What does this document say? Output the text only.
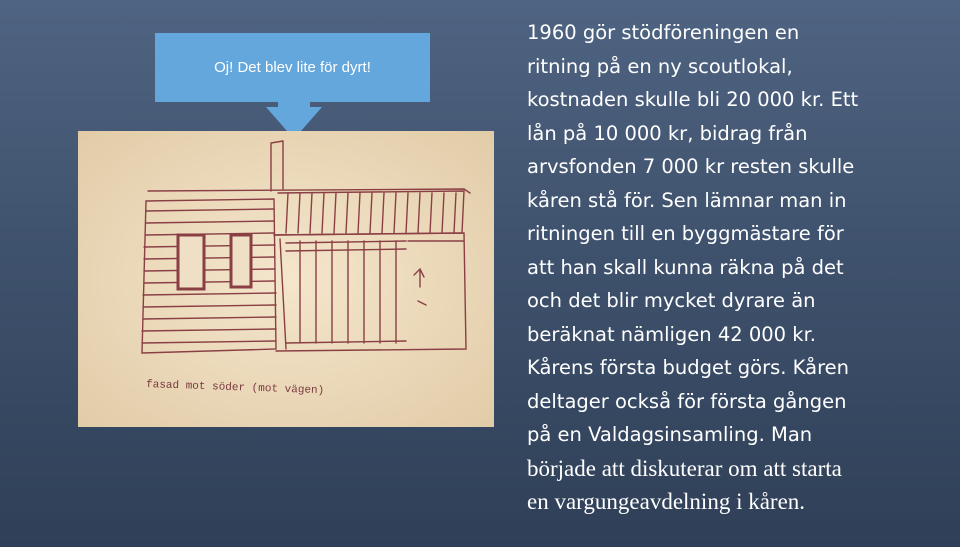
Oj! Det blev lite för dyrt!
fasad mot söder (mot vägen)
1960 gör stödföreningen en
ritning på en ny scoutlokal,
kostnaden skulle bli 20 000 kr. Ett
lån på 10 000 kr, bidrag från
arvsfonden 7 000 kr resten skulle
kåren stå för. Sen lämnar man in
ritningen till en byggmästare för
att han skall kunna räkna på det
och det blir mycket dyrare än
beräknat nämligen 42 000 kr.
Kårens första budget görs. Kåren
deltager också för första gången
på en Valdagsinsamling. Man
började att diskuterar om att starta
en vargungeavdelning i kåren.
